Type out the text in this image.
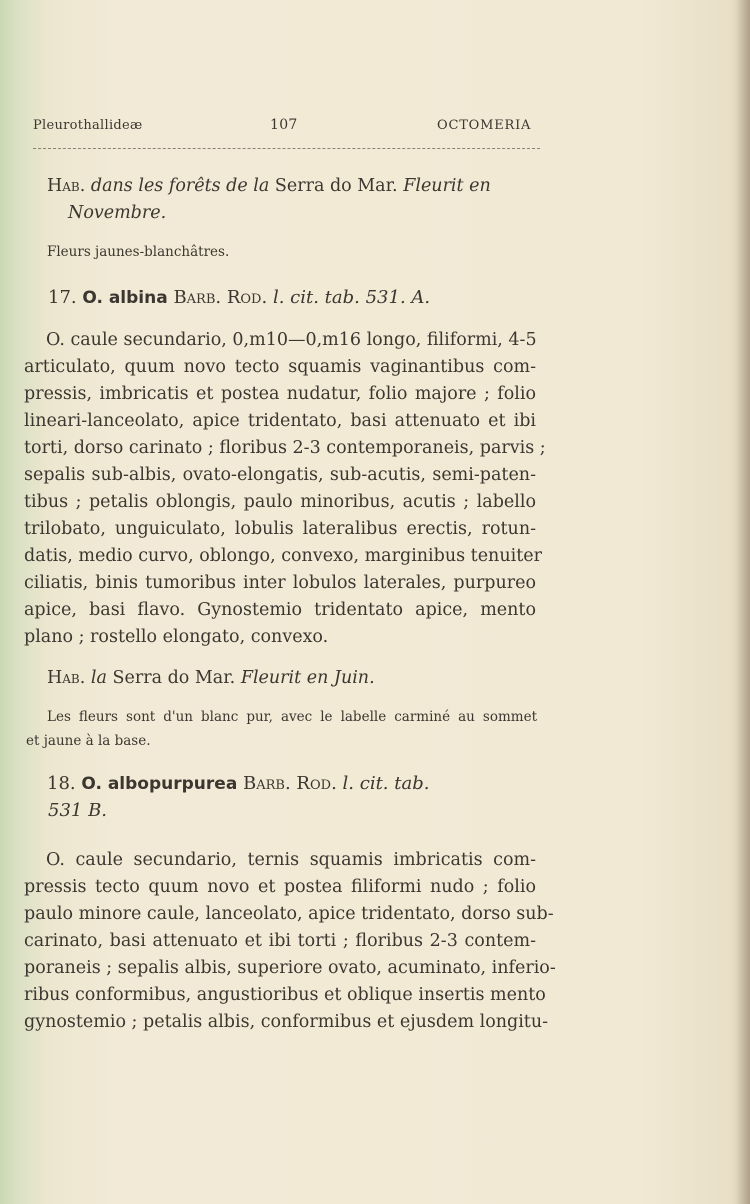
Pleurothallideæ	107	OCTOMERIA
Hab. dans les forêts de la Serra do Mar. Fleurit en
Novembre.
Fleurs jaunes-blanchâtres.
17. O. albina Barb. Rod. l. cit. tab. 531. A.
O. caule secundario, 0,m10—0,m16 longo, filiformi, 4-5
articulato, quum novo tecto squamis vaginantibus com-
pressis, imbricatis et postea nudatur, folio majore ; folio
lineari-lanceolato, apice tridentato, basi attenuato et ibi
torti, dorso carinato ; floribus 2-3 contemporaneis, parvis ;
sepalis sub-albis, ovato-elongatis, sub-acutis, semi-paten-
tibus ; petalis oblongis, paulo minoribus, acutis ; labello
trilobato, unguiculato, lobulis lateralibus erectis, rotun-
datis, medio curvo, oblongo, convexo, marginibus tenuiter
ciliatis, binis tumoribus inter lobulos laterales, purpureo
apice, basi flavo. Gynostemio tridentato apice, mento
plano ; rostello elongato, convexo.
Hab. la Serra do Mar. Fleurit en Juin.
Les fleurs sont d'un blanc pur, avec le labelle carminé au sommet
et jaune à la base.
18. O. albopurpurea Barb. Rod. l. cit. tab.
531 B.
O. caule secundario, ternis squamis imbricatis com-
pressis tecto quum novo et postea filiformi nudo ; folio
paulo minore caule, lanceolato, apice tridentato, dorso sub-
carinato, basi attenuato et ibi torti ; floribus 2-3 contem-
poraneis ; sepalis albis, superiore ovato, acuminato, inferio-
ribus conformibus, angustioribus et oblique insertis mento
gynostemio ; petalis albis, conformibus et ejusdem longitu-
